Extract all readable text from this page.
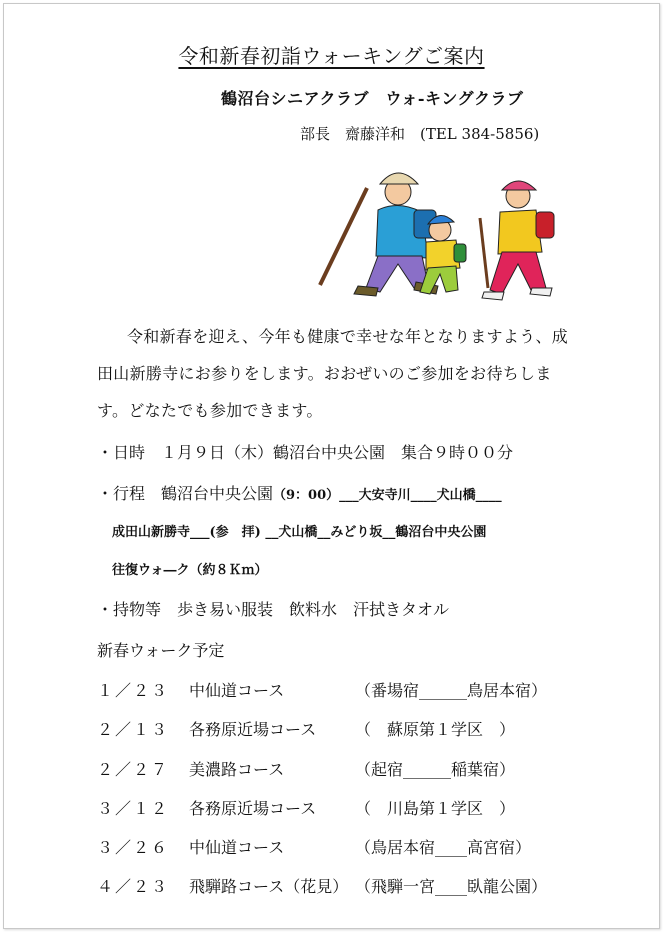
令和新春初詣ウォーキングご案内
鶴沼台シニアクラブ　ウォ-キングクラブ
部長　齋藤洋和　(TEL 384-5856)
令和新春を迎え、今年も健康で幸せな年となりますよう、成田山新勝寺にお参りをします。おおぜいのご参加をお待ちします。どなたでも参加できます。
・日時　１月９日（木）鶴沼台中央公園　集合９時００分
・行程　鶴沼台中央公園（9：00）___大安寺川____犬山橋____
成田山新勝寺___(参　拝) __犬山橋__みどり坂__鶴沼台中央公園
往復ウォ―ク（約８Ｋｍ）
・持物等　歩き易い服装　飲料水　汗拭きタオル
新春ウォーク予定
１／２３ 中仙道コース	（番場宿______鳥居本宿）
２／１３ 各務原近場コース （　蘇原第１学区　）
２／２７ 美濃路コース	（起宿______稲葉宿）
３／１２ 各務原近場コース （　川島第１学区　）
３／２６ 中仙道コース	（鳥居本宿____高宮宿）
４／２３ 飛騨路コース（花見） （飛騨一宮____臥龍公園）
